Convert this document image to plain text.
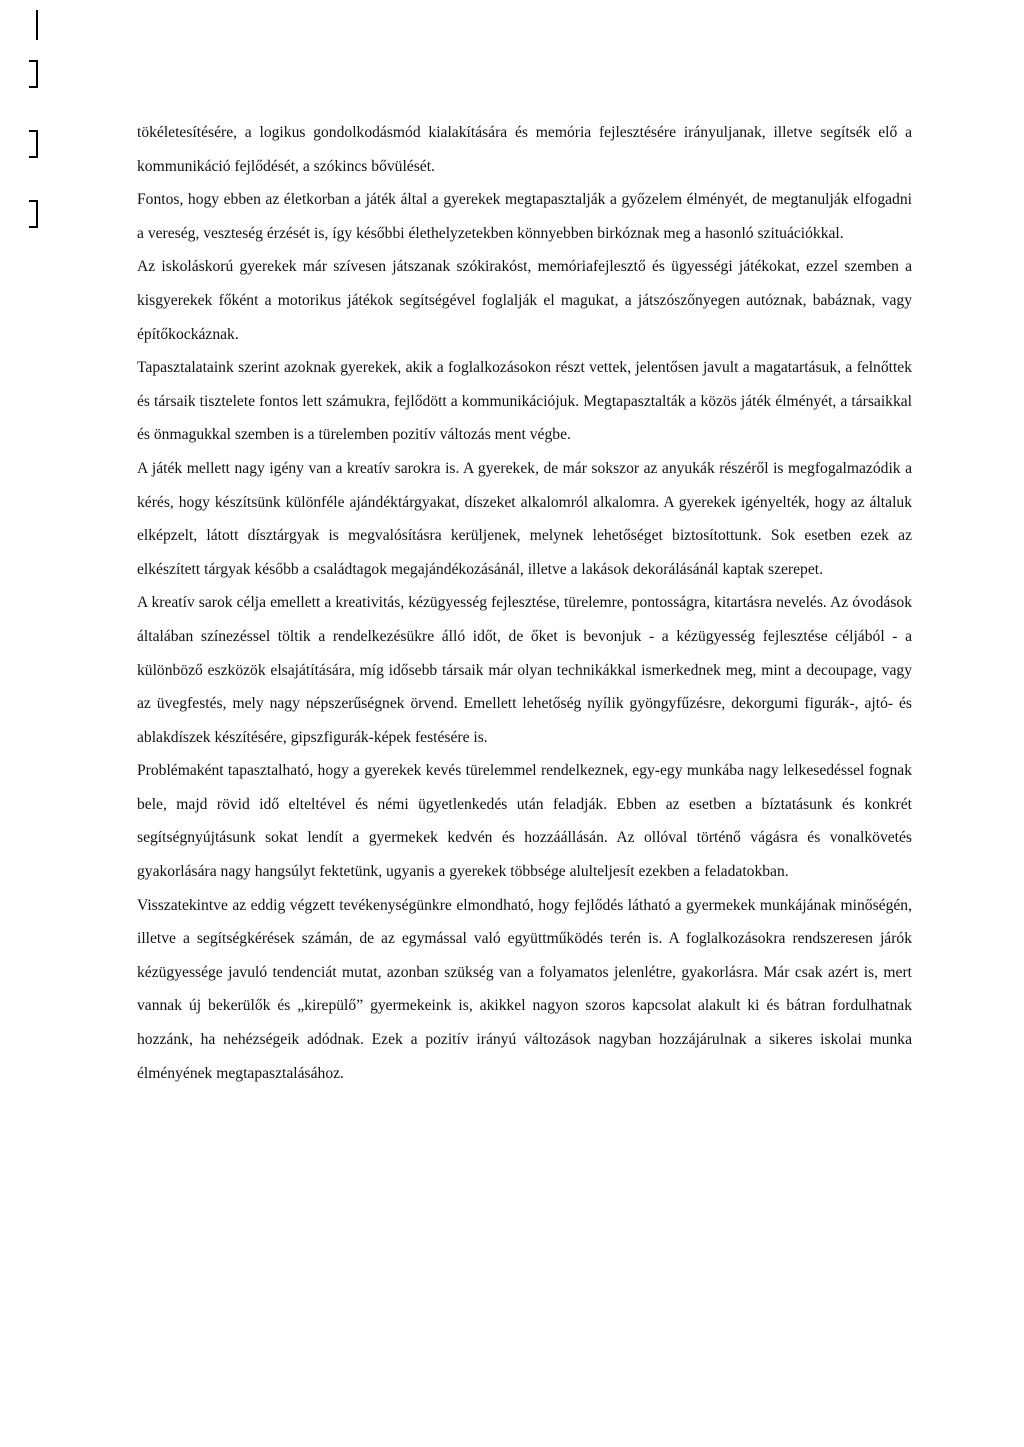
tökéletesítésére, a logikus gondolkodásmód kialakítására és memória fejlesztésére irányuljanak, illetve segítsék elő a kommunikáció fejlődését, a szókincs bővülését.

Fontos, hogy ebben az életkorban a játék által a gyerekek megtapasztalják a győzelem élményét, de megtanulják elfogadni a vereség, veszteség érzését is, így későbbi élethelyzetekben könnyebben birkóznak meg a hasonló szituációkkal.

Az iskoláskorú gyerekek már szívesen játszanak szókirakóst, memóriafejlesztő és ügyességi játékokat, ezzel szemben a kisgyerekek főként a motorikus játékok segítségével foglalják el magukat, a játszószőnyegen autóznak, babáznak, vagy építőkockáznak.

Tapasztalataink szerint azoknak gyerekek, akik a foglalkozásokon részt vettek, jelentősen javult a magatartásuk, a felnőttek és társaik tisztelete fontos lett számukra, fejlődött a kommunikációjuk. Megtapasztalták a közös játék élményét, a társaikkal és önmagukkal szemben is a türelemben pozitív változás ment végbe.

A játék mellett nagy igény van a kreatív sarokra is. A gyerekek, de már sokszor az anyukák részéről is megfogalmazódik a kérés, hogy készítsünk különféle ajándéktárgyakat, díszeket alkalomról alkalomra. A gyerekek igényelték, hogy az általuk elképzelt, látott dísztárgyak is megvalósításra kerüljenek, melynek lehetőséget biztosítottunk. Sok esetben ezek az elkészített tárgyak később a családtagok megajándékozásánál, illetve a lakások dekorálásánál kaptak szerepet.

A kreatív sarok célja emellett a kreativitás, kézügyesség fejlesztése, türelemre, pontosságra, kitartásra nevelés. Az óvodások általában színezéssel töltik a rendelkezésükre álló időt, de őket is bevonjuk - a kézügyesség fejlesztése céljából - a különböző eszközök elsajátítására, míg idősebb társaik már olyan technikákkal ismerkednek meg, mint a decoupage, vagy az üvegfestés, mely nagy népszerűségnek örvend. Emellett lehetőség nyílik gyöngyfűzésre, dekorgumi figurák-, ajtó- és ablakdíszek készítésére, gipszfigurák-képek festésére is.

Problémaként tapasztalható, hogy a gyerekek kevés türelemmel rendelkeznek, egy-egy munkába nagy lelkesedéssel fognak bele, majd rövid idő elteltével és némi ügyetlenkedés után feladják. Ebben az esetben a bíztatásunk és konkrét segítségnyújtásunk sokat lendít a gyermekek kedvén és hozzáállásán. Az ollóval történő vágásra és vonalkövetés gyakorlására nagy hangsúlyt fektetünk, ugyanis a gyerekek többsége alulteljesít ezekben a feladatokban.

Visszatekintve az eddig végzett tevékenységünkre elmondható, hogy fejlődés látható a gyermekek munkájának minőségén, illetve a segítségkérések számán, de az egymással való együttműködés terén is. A foglalkozásokra rendszeresen járók kézügyessége javuló tendenciát mutat, azonban szükség van a folyamatos jelenlétre, gyakorlásra. Már csak azért is, mert vannak új bekerülők és „kirepülő” gyermekeink is, akikkel nagyon szoros kapcsolat alakult ki és bátran fordulhatnak hozzánk, ha nehézségeik adódnak. Ezek a pozitív irányú változások nagyban hozzájárulnak a sikeres iskolai munka élményének megtapasztalásához.
